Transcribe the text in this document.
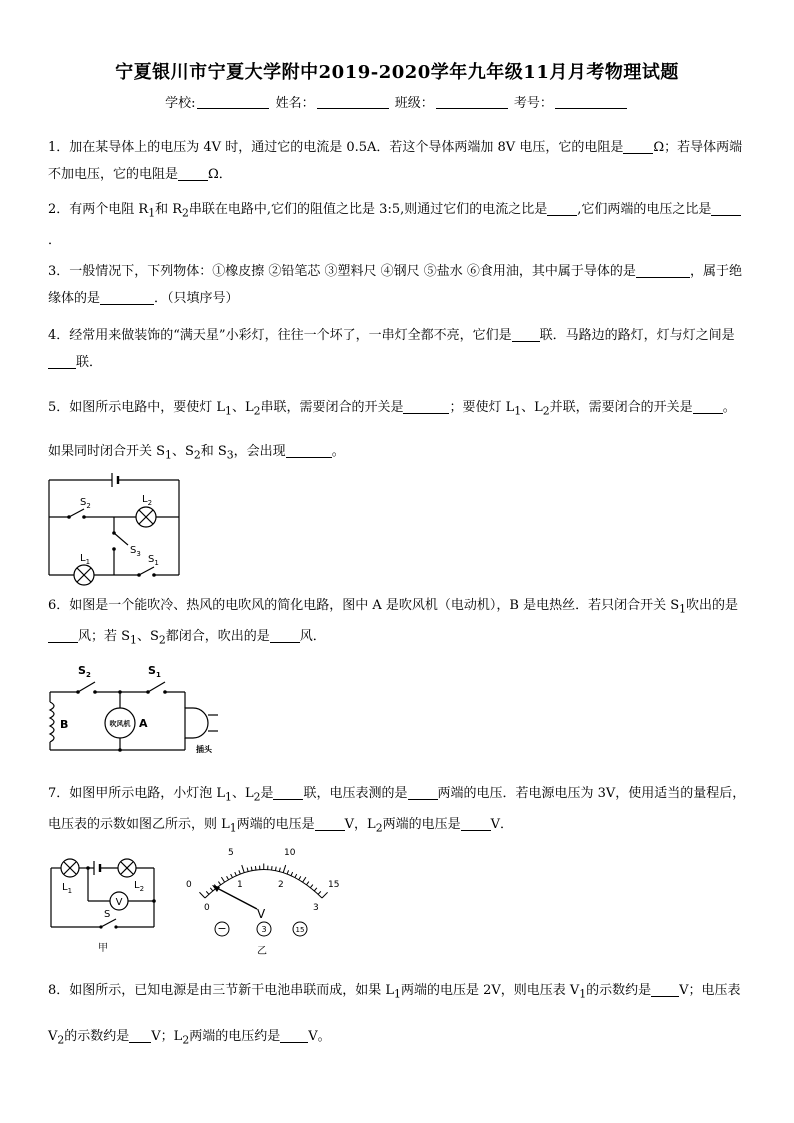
宁夏银川市宁夏大学附中2019-2020学年九年级11月月考物理试题
学校:	姓名：	班级：	考号：
1．加在某导体上的电压为 4V 时，通过它的电流是 0.5A．若这个导体两端加 8V 电压，它的电阻是 Ω；若导体两端不加电压，它的电阻是 Ω．
2．有两个电阻 $R_1$和 $R_2$串联在电路中,它们的阻值之比是 3:5,则通过它们的电流之比是 ,它们两端的电压之比是．
3．一般情况下，下列物体：①橡皮擦 ②铅笔芯 ③塑料尺 ④钢尺 ⑤盐水 ⑥食用油，其中属于导体的是	，属于绝缘体的是	．（只填序号）
4．经常用来做装饰的“满天星”小彩灯，往往一个坏了，一串灯全都不亮，它们是 联．马路边的路灯，灯与灯之间是联．
5．如图所示电路中，要使灯 $L_1$、$L_2$串联，需要闭合的开关是	；要使灯 $L_1$、$L_2$并联，需要闭合的开关是 。如果同时闭合开关 $S_1$、$S_2$和 $S_3$，会出现	。
$S_2$
$L_2$
$S_3$
$L_1$	$S_1$
6．如图是一个能吹冷、热风的电吹风的简化电路，图中 A 是吹风机（电动机），B 是电热丝．若只闭合开关 $S_1$吹出的是风；若 $S_1$、$S_2$都闭合，吹出的是 风．
$S_2$	$S_1$
B	吹风机 A
插头
7．如图甲所示电路，小灯泡 $L_1$、$L_2$是 联，电压表测的是 两端的电压．若电源电压为 3V，使用适当的量程后，电压表的示数如图乙所示，则 $L_1$两端的电压是 V，$L_2$两端的电压是 V．
$L_1$	$L_2$
V
S
甲
0
5	10
15
0
1	2
3
V
−	3	15
乙
8．如图所示，已知电源是由三节新干电池串联而成，如果 $L_1$两端的电压是 2V，则电压表 $V_1$的示数约是 V；电压表 $V_2$的示数约是 V；$L_2$两端的电压约是 V。
